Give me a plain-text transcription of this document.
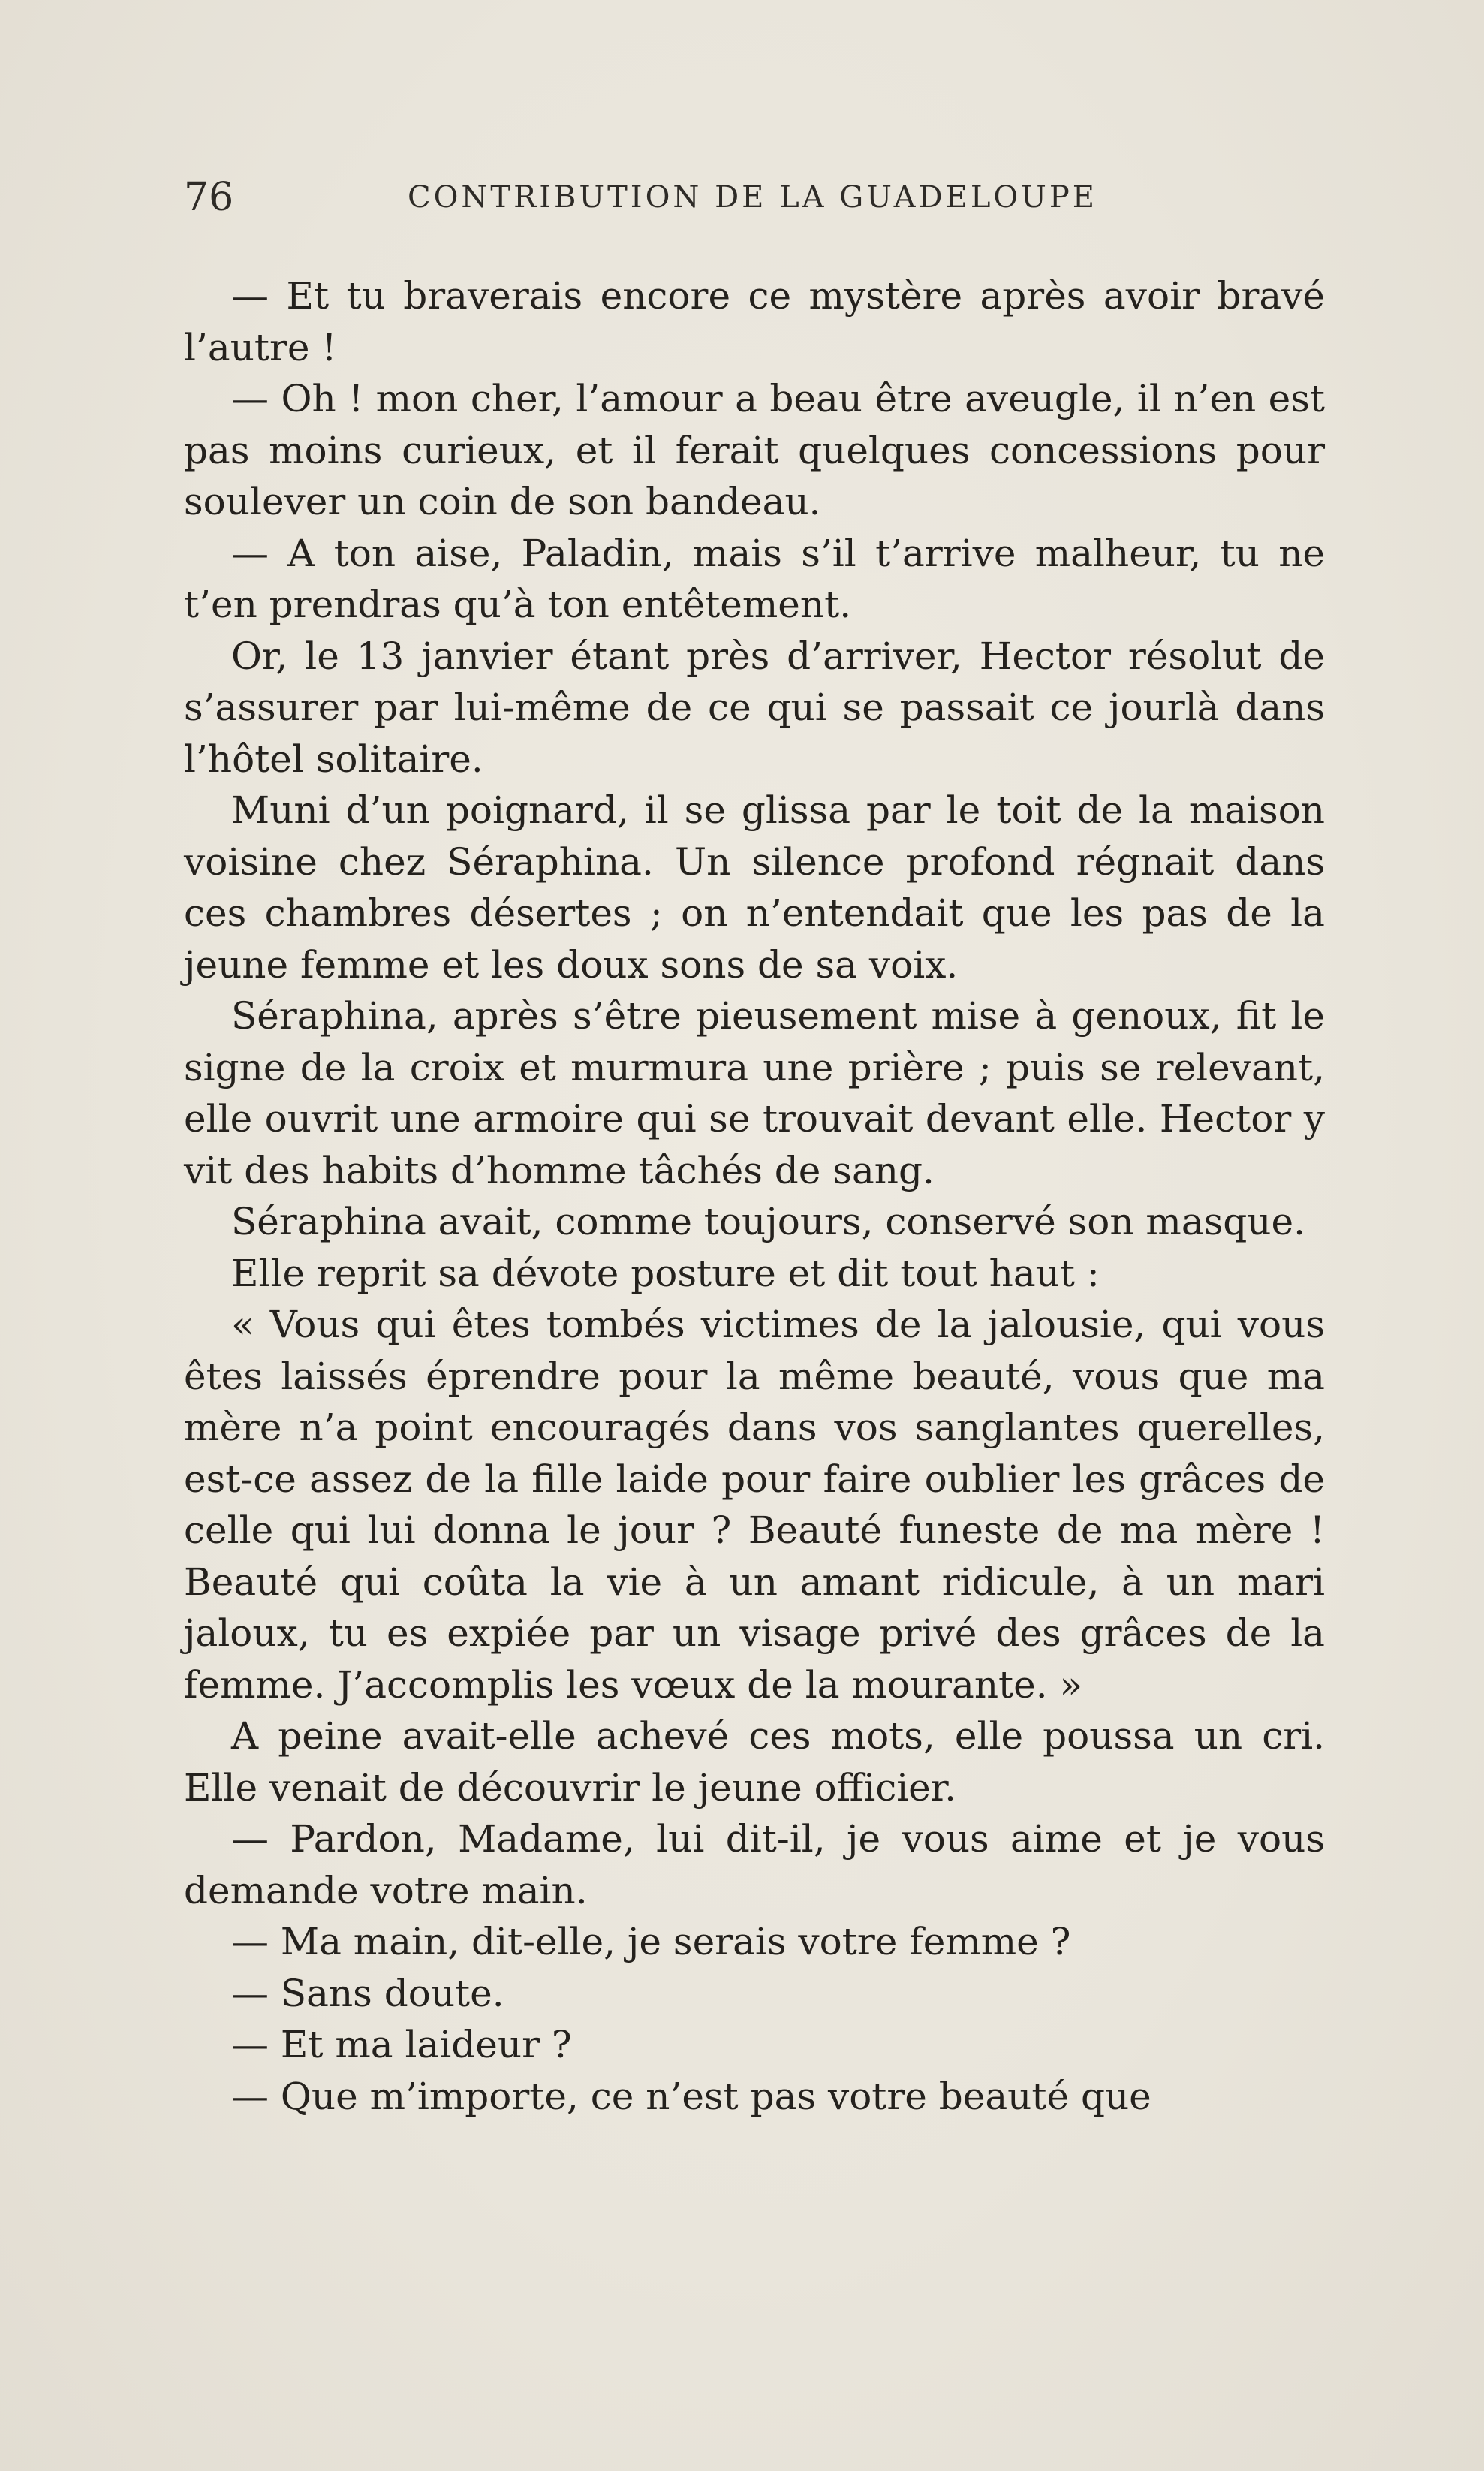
76	CONTRIBUTION DE LA GUADELOUPE

— Et tu braverais encore ce mystère après avoir bravé l’autre !

— Oh ! mon cher, l’amour a beau être aveugle, il n’en est pas moins curieux, et il ferait quelques concessions pour soulever un coin de son bandeau.

— A ton aise, Paladin, mais s’il t’arrive malheur, tu ne t’en prendras qu’à ton entêtement.

Or, le 13 janvier étant près d’arriver, Hector résolut de s’assurer par lui-même de ce qui se passait ce jourlà dans l’hôtel solitaire.

Muni d’un poignard, il se glissa par le toit de la maison voisine chez Séraphina. Un silence profond régnait dans ces chambres désertes ; on n’entendait que les pas de la jeune femme et les doux sons de sa voix.

Séraphina, après s’être pieusement mise à genoux, fit le signe de la croix et murmura une prière ; puis se relevant, elle ouvrit une armoire qui se trouvait devant elle. Hector y vit des habits d’homme tâchés de sang.

Séraphina avait, comme toujours, conservé son masque.

Elle reprit sa dévote posture et dit tout haut :

« Vous qui êtes tombés victimes de la jalousie, qui vous êtes laissés éprendre pour la même beauté, vous que ma mère n’a point encouragés dans vos sanglantes querelles, est-ce assez de la fille laide pour faire oublier les grâces de celle qui lui donna le jour ? Beauté funeste de ma mère ! Beauté qui coûta la vie à un amant ridicule, à un mari jaloux, tu es expiée par un visage privé des grâces de la femme. J’accomplis les vœux de la mourante. »

A peine avait-elle achevé ces mots, elle poussa un cri. Elle venait de découvrir le jeune officier.

— Pardon, Madame, lui dit-il, je vous aime et je vous demande votre main.

— Ma main, dit-elle, je serais votre femme ?

— Sans doute.

— Et ma laideur ?

— Que m’importe, ce n’est pas votre beauté que
